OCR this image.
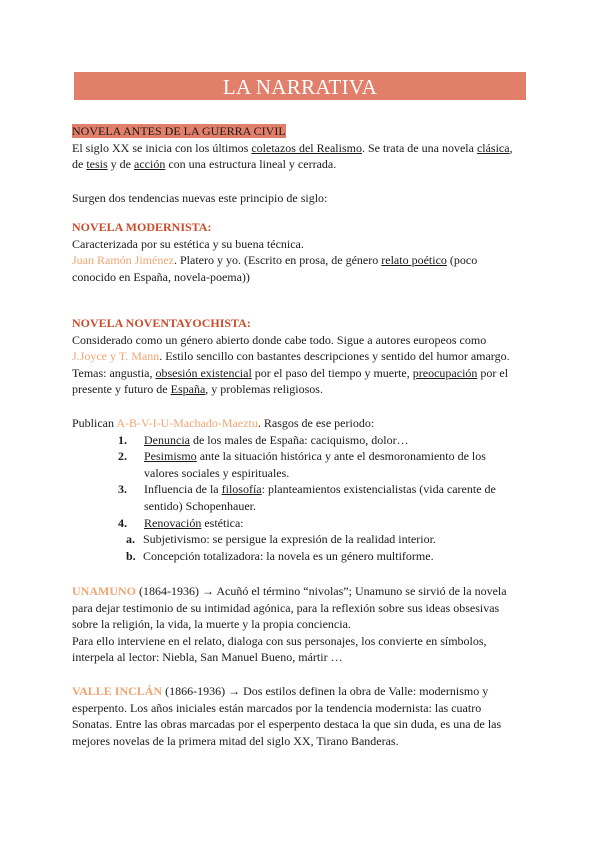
LA NARRATIVA

NOVELA ANTES DE LA GUERRA CIVIL

El siglo XX se inicia con los últimos coletazos del Realismo. Se trata de una novela clásica, de tesis y de acción con una estructura lineal y cerrada.

Surgen dos tendencias nuevas este principio de siglo:

NOVELA MODERNISTA:

Caracterizada por su estética y su buena técnica.

Juan Ramón Jiménez. Platero y yo. (Escrito en prosa, de género relato poético (poco conocido en España, novela-poema))

NOVELA NOVENTAYOCHISTA:

Considerado como un género abierto donde cabe todo. Sigue a autores europeos como J.Joyce y T. Mann. Estilo sencillo con bastantes descripciones y sentido del humor amargo.

Temas: angustia, obsesión existencial por el paso del tiempo y muerte, preocupación por el presente y futuro de España, y problemas religiosos.

Publican A-B-V-I-U-Machado-Maeztu. Rasgos de ese periodo:

1. Denuncia de los males de España: caciquismo, dolor…
2. Pesimismo ante la situación histórica y ante el desmoronamiento de los valores sociales y espirituales.
3. Influencia de la filosofía: planteamientos existencialistas (vida carente de sentido) Schopenhauer.
4. Renovación estética:
a. Subjetivismo: se persigue la expresión de la realidad interior.
b. Concepción totalizadora: la novela es un género multiforme.

UNAMUNO (1864-1936) → Acuñó el término “nivolas”; Unamuno se sirvió de la novela para dejar testimonio de su intimidad agónica, para la reflexión sobre sus ideas obsesivas sobre la religión, la vida, la muerte y la propia conciencia.

Para ello interviene en el relato, dialoga con sus personajes, los convierte en símbolos, interpela al lector: Niebla, San Manuel Bueno, mártir …

VALLE INCLÁN (1866-1936) → Dos estilos definen la obra de Valle: modernismo y esperpento. Los años iniciales están marcados por la tendencia modernista: las cuatro Sonatas. Entre las obras marcadas por el esperpento destaca la que sin duda, es una de las mejores novelas de la primera mitad del siglo XX, Tirano Banderas.
